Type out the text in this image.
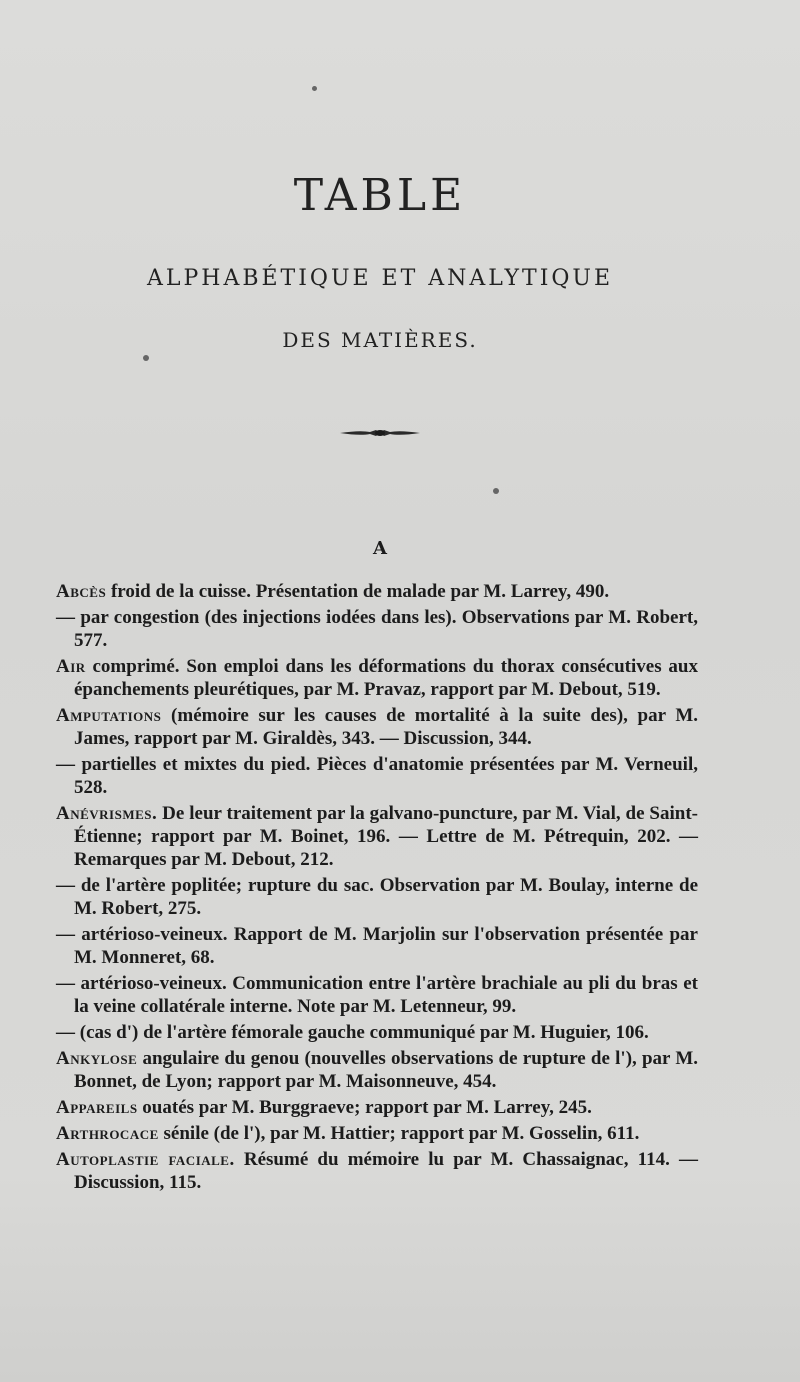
TABLE
ALPHABÉTIQUE ET ANALYTIQUE
DES MATIÈRES.
A

Abcès froid de la cuisse. Présentation de malade par M. Larrey, 490.

— par congestion (des injections iodées dans les). Observations par M. Robert, 577.

Air comprimé. Son emploi dans les déformations du thorax consécutives aux épanchements pleurétiques, par M. Pravaz, rapport par M. Debout, 519.

Amputations (mémoire sur les causes de mortalité à la suite des), par M. James, rapport par M. Giraldès, 343. — Discussion, 344.

— partielles et mixtes du pied. Pièces d'anatomie présentées par M. Verneuil, 528.

Anévrismes. De leur traitement par la galvano-puncture, par M. Vial, de Saint-Étienne; rapport par M. Boinet, 196. — Lettre de M. Pétrequin, 202. — Remarques par M. Debout, 212.

— de l'artère poplitée; rupture du sac. Observation par M. Boulay, interne de M. Robert, 275.

— artérioso-veineux. Rapport de M. Marjolin sur l'observation présentée par M. Monneret, 68.

— artérioso-veineux. Communication entre l'artère brachiale au pli du bras et la veine collatérale interne. Note par M. Letenneur, 99.

— (cas d') de l'artère fémorale gauche communiqué par M. Huguier, 106.

Ankylose angulaire du genou (nouvelles observations de rupture de l'), par M. Bonnet, de Lyon; rapport par M. Maisonneuve, 454.

Appareils ouatés par M. Burggraeve; rapport par M. Larrey, 245.

Arthrocace sénile (de l'), par M. Hattier; rapport par M. Gosselin, 611.

Autoplastie faciale. Résumé du mémoire lu par M. Chassaignac, 114. — Discussion, 115.
